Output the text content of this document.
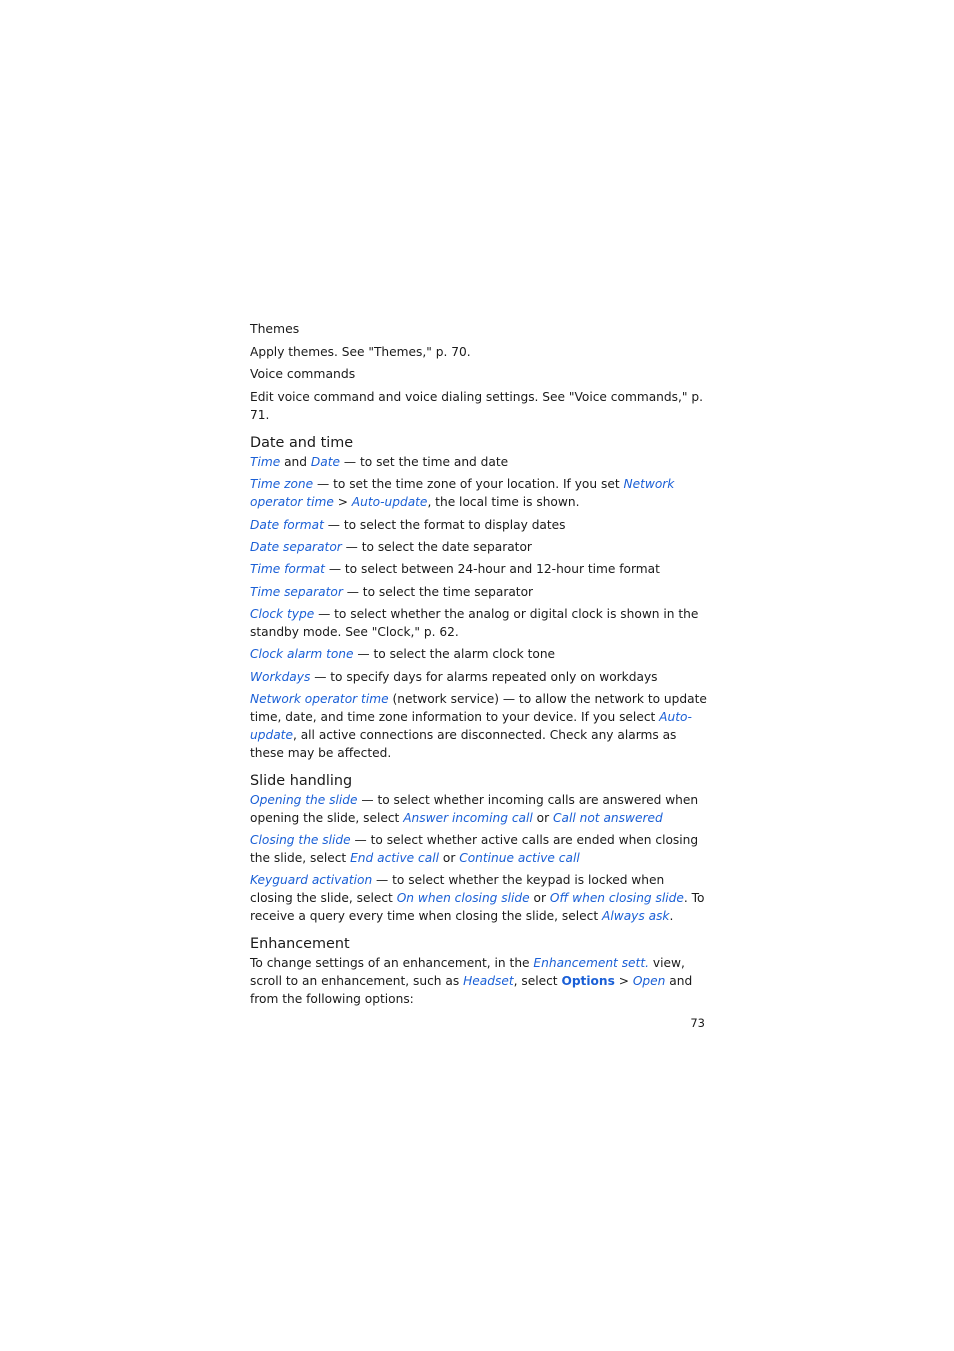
Themes

Apply themes. See "Themes," p. 70.

Voice commands

Edit voice command and voice dialing settings. See "Voice commands," p. 71.

Date and time

Time and Date — to set the time and date

Time zone — to set the time zone of your location. If you set Network operator time > Auto-update, the local time is shown.

Date format — to select the format to display dates

Date separator — to select the date separator

Time format — to select between 24-hour and 12-hour time format

Time separator — to select the time separator

Clock type — to select whether the analog or digital clock is shown in the standby mode. See "Clock," p. 62.

Clock alarm tone — to select the alarm clock tone

Workdays — to specify days for alarms repeated only on workdays

Network operator time (network service) — to allow the network to update time, date, and time zone information to your device. If you select Auto-update, all active connections are disconnected. Check any alarms as these may be affected.

Slide handling

Opening the slide — to select whether incoming calls are answered when opening the slide, select Answer incoming call or Call not answered

Closing the slide — to select whether active calls are ended when closing the slide, select End active call or Continue active call

Keyguard activation — to select whether the keypad is locked when closing the slide, select On when closing slide or Off when closing slide. To receive a query every time when closing the slide, select Always ask.

Enhancement

To change settings of an enhancement, in the Enhancement sett. view, scroll to an enhancement, such as Headset, select Options > Open and from the following options:

73
